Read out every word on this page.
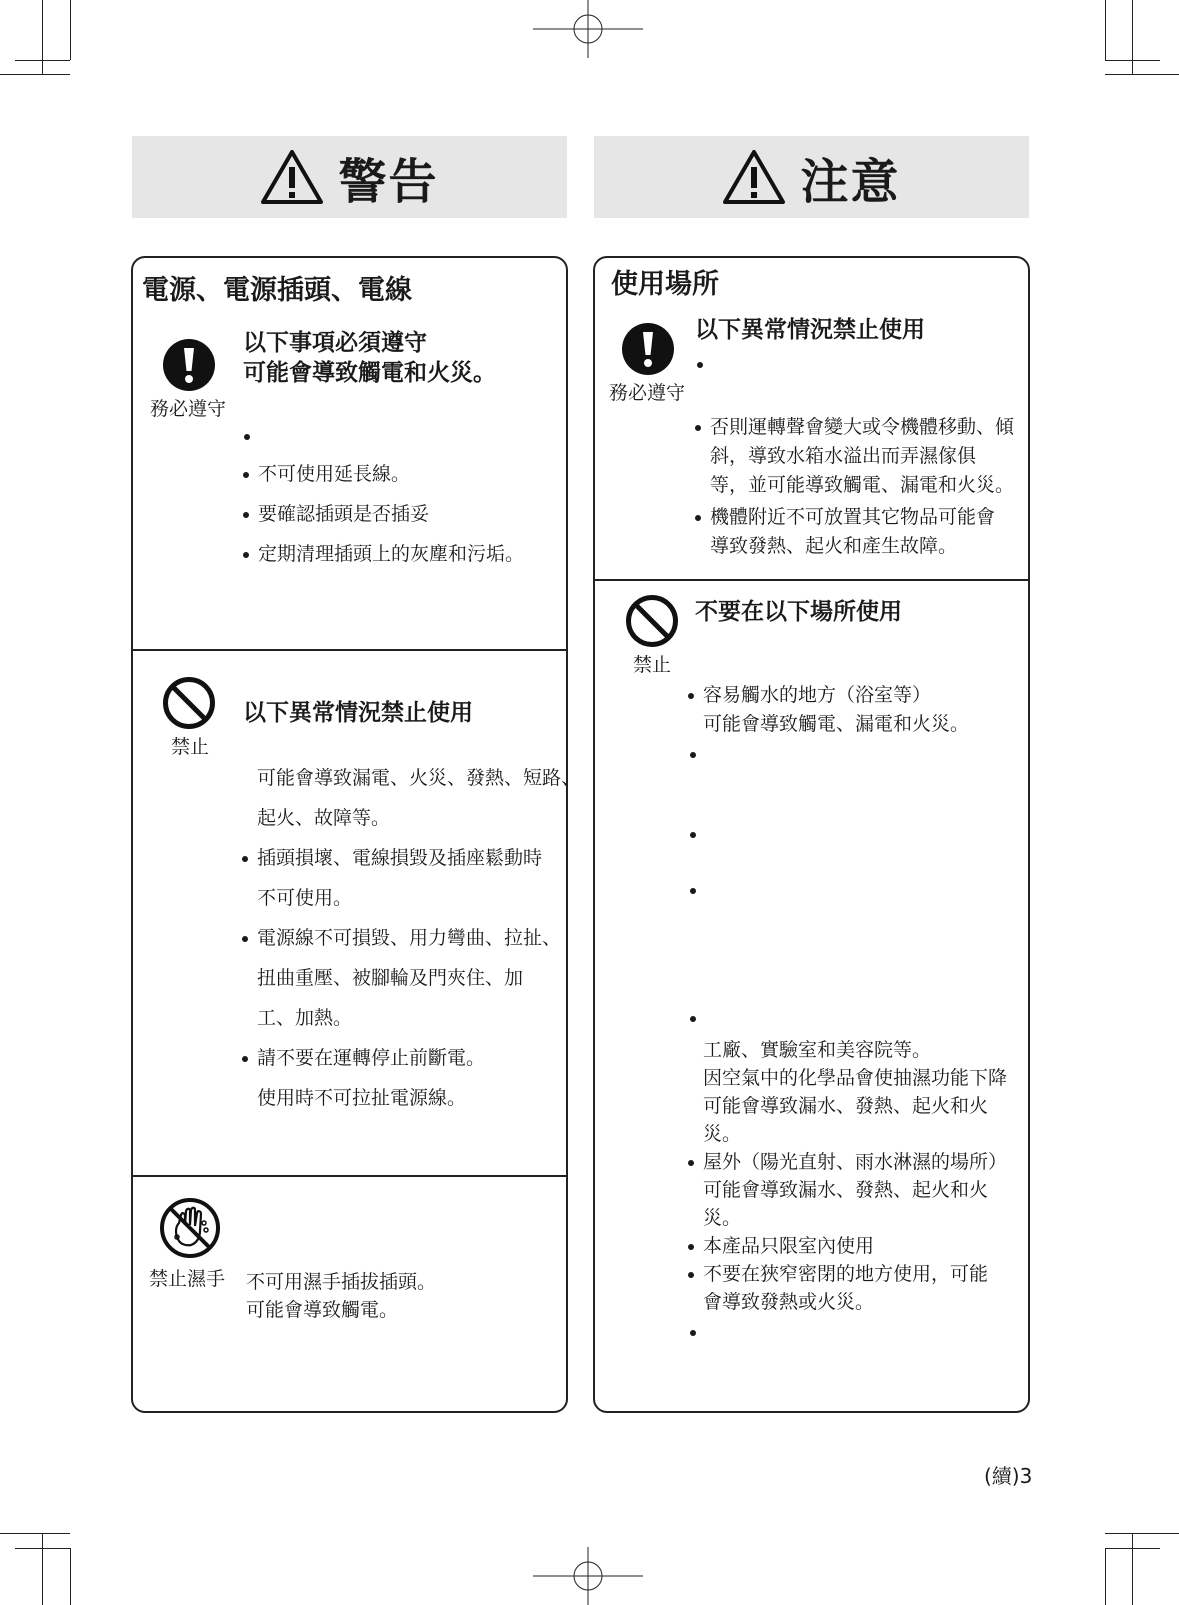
警告	注意
電源、電源插頭、電線
務必遵守
以下事項必須遵守
可能會導致觸電和火災。
不可使用延長線。
要確認插頭是否插妥
定期清理插頭上的灰塵和污垢。
禁止
以下異常情況禁止使用
可能會導致漏電、火災、發熱、短路、
起火、故障等。
插頭損壞、電線損毀及插座鬆動時
不可使用。
電源線不可損毀、用力彎曲、拉扯、
扭曲重壓、被腳輪及門夾住、加
工、加熱。
請不要在運轉停止前斷電。
使用時不可拉扯電源線。
禁止濕手 不可用濕手插拔插頭。
可能會導致觸電。
使用場所
務必遵守
以下異常情況禁止使用
否則運轉聲會變大或令機體移動、傾
斜，導致水箱水溢出而弄濕傢俱
等，並可能導致觸電、漏電和火災。
機體附近不可放置其它物品可能會
導致發熱、起火和產生故障。
禁止
不要在以下場所使用
容易觸水的地方（浴室等）
可能會導致觸電、漏電和火災。
工廠、實驗室和美容院等。
因空氣中的化學品會使抽濕功能下降
可能會導致漏水、發熱、起火和火
災。
屋外（陽光直射、雨水淋濕的場所）
可能會導致漏水、發熱、起火和火
災。
本產品只限室內使用
不要在狹窄密閉的地方使用，可能
會導致發熱或火災。
(續)3
